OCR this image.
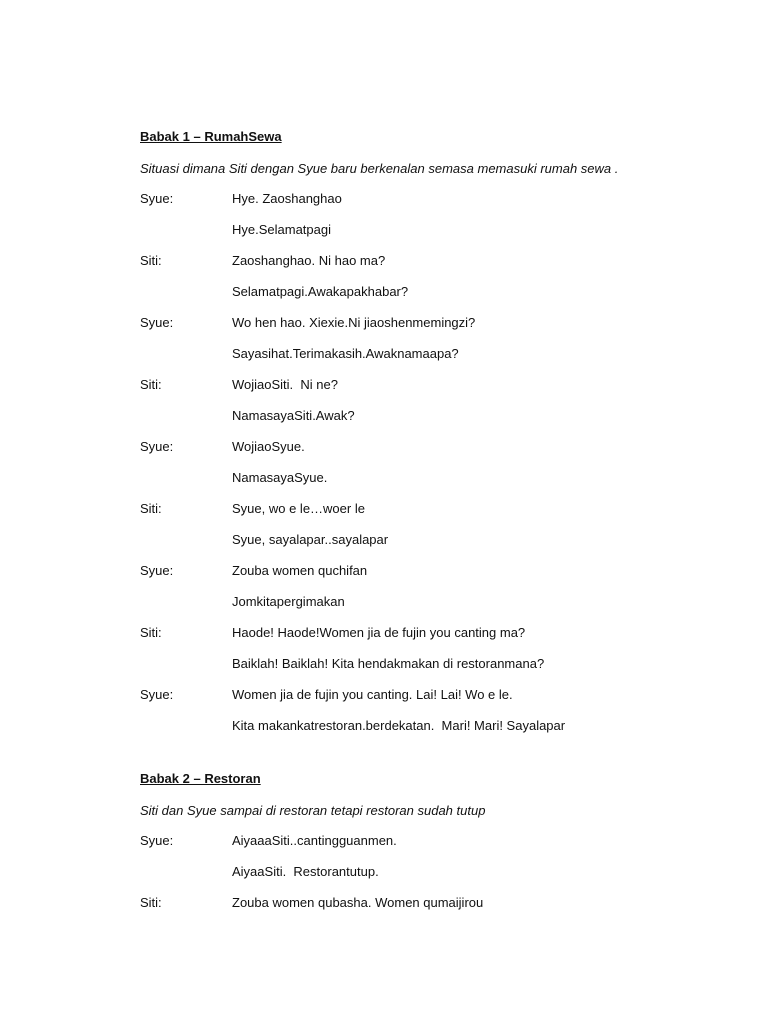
Babak 1 – RumahSewa
Situasi dimana Siti dengan Syue baru berkenalan semasa memasuki rumah sewa .
Syue:	Hye. Zaoshanghao
Hye.Selamatpagi
Siti:	Zaoshanghao. Ni hao ma?
Selamatpagi.Awakapakhabar?
Syue:	Wo hen hao. Xiexie.Ni jiaoshenmemingzi?
Sayasihat.Terimakasih.Awaknamaapa?
Siti:	WojiaoSiti.  Ni ne?
NamasayaSiti.Awak?
Syue:	WojiaoSyue.
NamasayaSyue.
Siti:	Syue, wo e le…woer le
Syue, sayalapar..sayalapar
Syue:	Zouba women quchifan
Jomkitapergimakan
Siti:	Haode! Haode!Women jia de fujin you canting ma?
Baiklah! Baiklah! Kita hendakmakan di restoranmana?
Syue:	Women jia de fujin you canting. Lai! Lai! Wo e le.
Kita makankatrestoran.berdekatan.  Mari! Mari! Sayalapar
Babak 2 – Restoran
Siti dan Syue sampai di restoran tetapi restoran sudah tutup
Syue:	AiyaaaSiti..cantingguanmen.
AiyaaSiti.  Restorantutup.
Siti:	Zouba women qubasha. Women qumaijirou
